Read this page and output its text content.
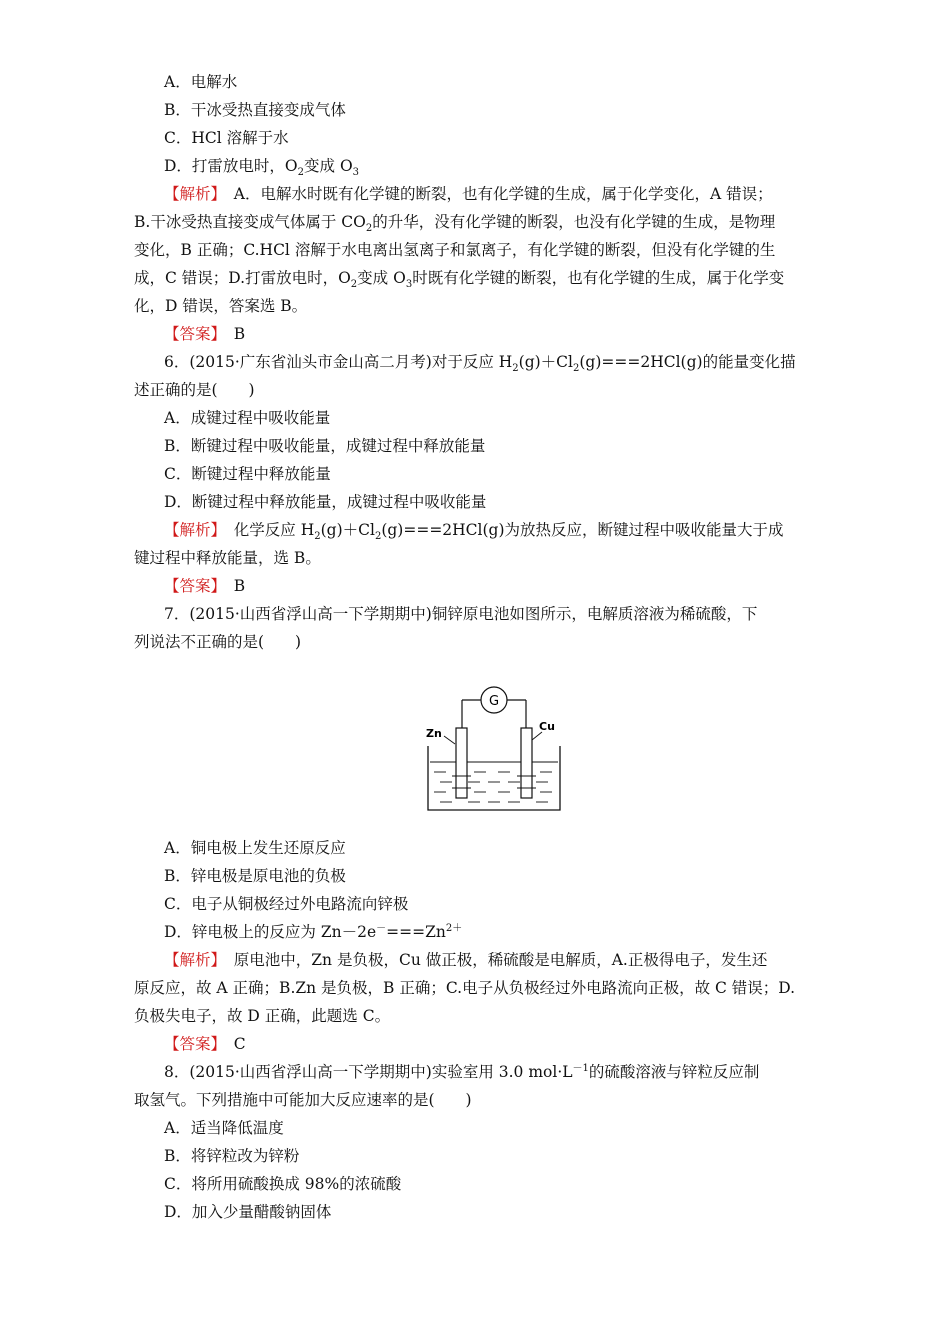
A．电解水
B．干冰受热直接变成气体
C．HCl 溶解于水
D．打雷放电时，$O_2$变成 $O_3$
【解析】　 A．电解水时既有化学键的断裂，也有化学键的生成，属于化学变化，A 错误；
B.干冰受热直接变成气体属于 $CO_2$的升华，没有化学键的断裂，也没有化学键的生成，是物理
变化，B 正确；C.HCl 溶解于水电离出氢离子和氯离子，有化学键的断裂，但没有化学键的生
成，C 错误；D.打雷放电时，$O_2$变成 $O_3$时既有化学键的断裂，也有化学键的生成，属于化学变
化，D 错误，答案选 B。
【答案】　 B
6．(2015·广东省汕头市金山高二月考)对于反应 $H_2(g)+Cl_2(g)===2HCl(g)$的能量变化描
述正确的是(　　)
A．成键过程中吸收能量
B．断键过程中吸收能量，成键过程中释放能量
C．断键过程中释放能量
D．断键过程中释放能量，成键过程中吸收能量
【解析】　 化学反应 $H_2(g)+Cl_2(g)===2HCl(g)$为放热反应，断键过程中吸收能量大于成
键过程中释放能量，选 B。
【答案】　 B
7．(2015·山西省浮山高一下学期期中)铜锌原电池如图所示，电解质溶液为稀硫酸，下
列说法不正确的是(　　)
G
Zn
Cu
A．铜电极上发生还原反应
B．锌电极是原电池的负极
C．电子从铜极经过外电路流向锌极
D．锌电极上的反应为 $Zn-2e^-===Zn^{2+}$
【解析】　 原电池中，Zn 是负极，Cu 做正极，稀硫酸是电解质，A.正极得电子，发生还
原反应，故 A 正确；B.Zn 是负极，B 正确；C.电子从负极经过外电路流向正极，故 C 错误；D.
负极失电子，故 D 正确，此题选 C。
【答案】　 C
8．(2015·山西省浮山高一下学期期中)实验室用 3.0 $mol\cdot L^{-1}$的硫酸溶液与锌粒反应制
取氢气。下列措施中可能加大反应速率的是(　　)
A．适当降低温度
B．将锌粒改为锌粉
C．将所用硫酸换成 98%的浓硫酸
D．加入少量醋酸钠固体
